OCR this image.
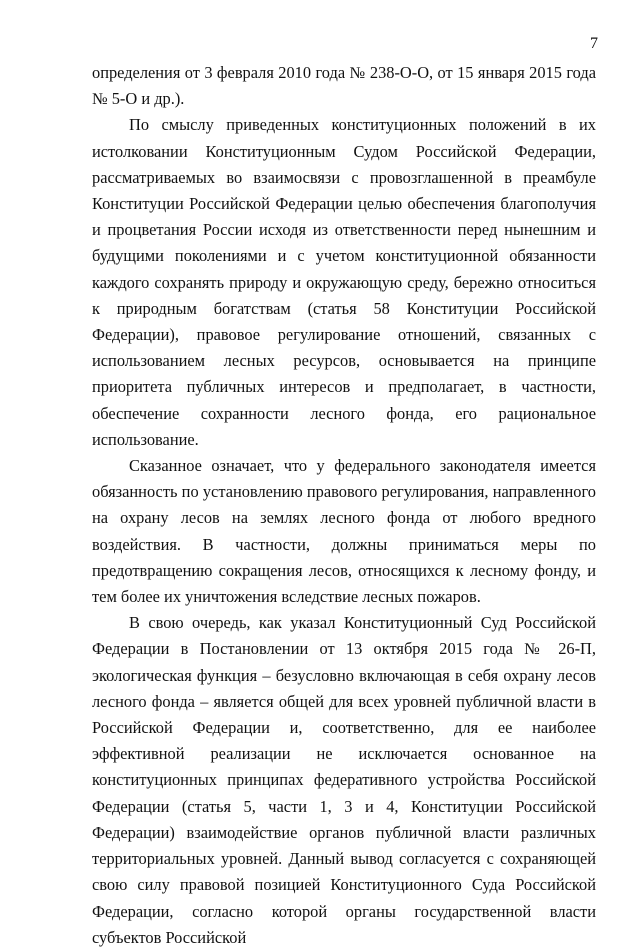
7

определения от 3 февраля 2010 года № 238-О-О, от 15 января 2015 года № 5-О и др.).

По смыслу приведенных конституционных положений в их истолковании Конституционным Судом Российской Федерации, рассматриваемых во взаимосвязи с провозглашенной в преамбуле Конституции Российской Федерации целью обеспечения благополучия и процветания России исходя из ответственности перед нынешним и будущими поколениями и с учетом конституционной обязанности каждого сохранять природу и окружающую среду, бережно относиться к природным богатствам (статья 58 Конституции Российской Федерации), правовое регулирование отношений, связанных с использованием лесных ресурсов, основывается на принципе приоритета публичных интересов и предполагает, в частности, обеспечение сохранности лесного фонда, его рациональное использование.

Сказанное означает, что у федерального законодателя имеется обязанность по установлению правового регулирования, направленного на охрану лесов на землях лесного фонда от любого вредного воздействия. В частности, должны приниматься меры по предотвращению сокращения лесов, относящихся к лесному фонду, и тем более их уничтожения вследствие лесных пожаров.

В свою очередь, как указал Конституционный Суд Российской Федерации в Постановлении от 13 октября 2015 года № 26-П, экологическая функция – безусловно включающая в себя охрану лесов лесного фонда – является общей для всех уровней публичной власти в Российской Федерации и, соответственно, для ее наиболее эффективной реализации не исключается основанное на конституционных принципах федеративного устройства Российской Федерации (статья 5, части 1, 3 и 4, Конституции Российской Федерации) взаимодействие органов публичной власти различных территориальных уровней. Данный вывод согласуется с сохраняющей свою силу правовой позицией Конституционного Суда Российской Федерации, согласно которой органы государственной власти субъектов Российской
